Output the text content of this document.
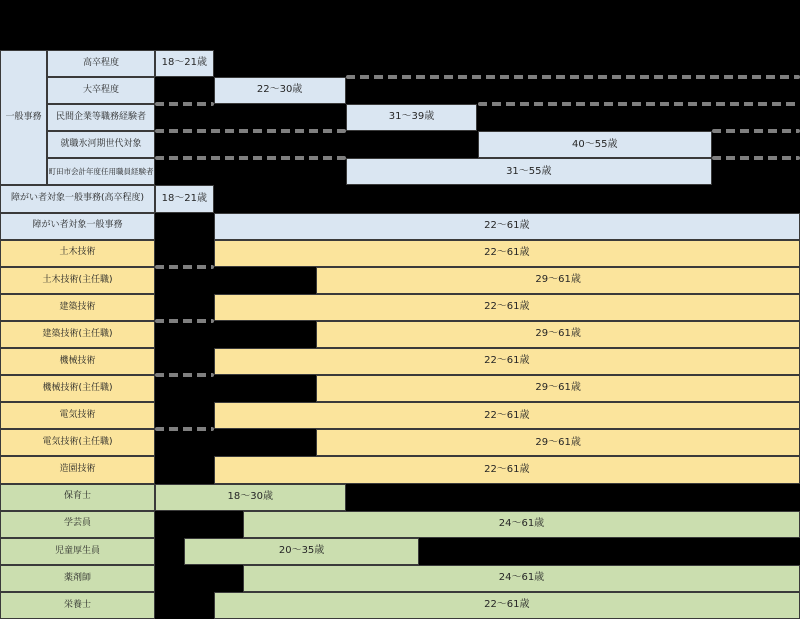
一般事務
高卒程度	18〜21歳
大卒程度	22〜30歳
民間企業等職務経験者	31〜39歳
就職氷河期世代対象	40〜55歳
町田市会計年度任用職員経験者	31〜55歳
障がい者対象一般事務(高卒程度) 18〜21歳
障がい者対象一般事務	22〜61歳
土木技術	22〜61歳
土木技術(主任職)	29〜61歳
建築技術	22〜61歳
建築技術(主任職)	29〜61歳
機械技術	22〜61歳
機械技術(主任職)	29〜61歳
電気技術	22〜61歳
電気技術(主任職)	29〜61歳
造園技術	22〜61歳
保育士	18〜30歳
学芸員	24〜61歳
児童厚生員	20〜35歳
薬剤師	24〜61歳
栄養士	22〜61歳
